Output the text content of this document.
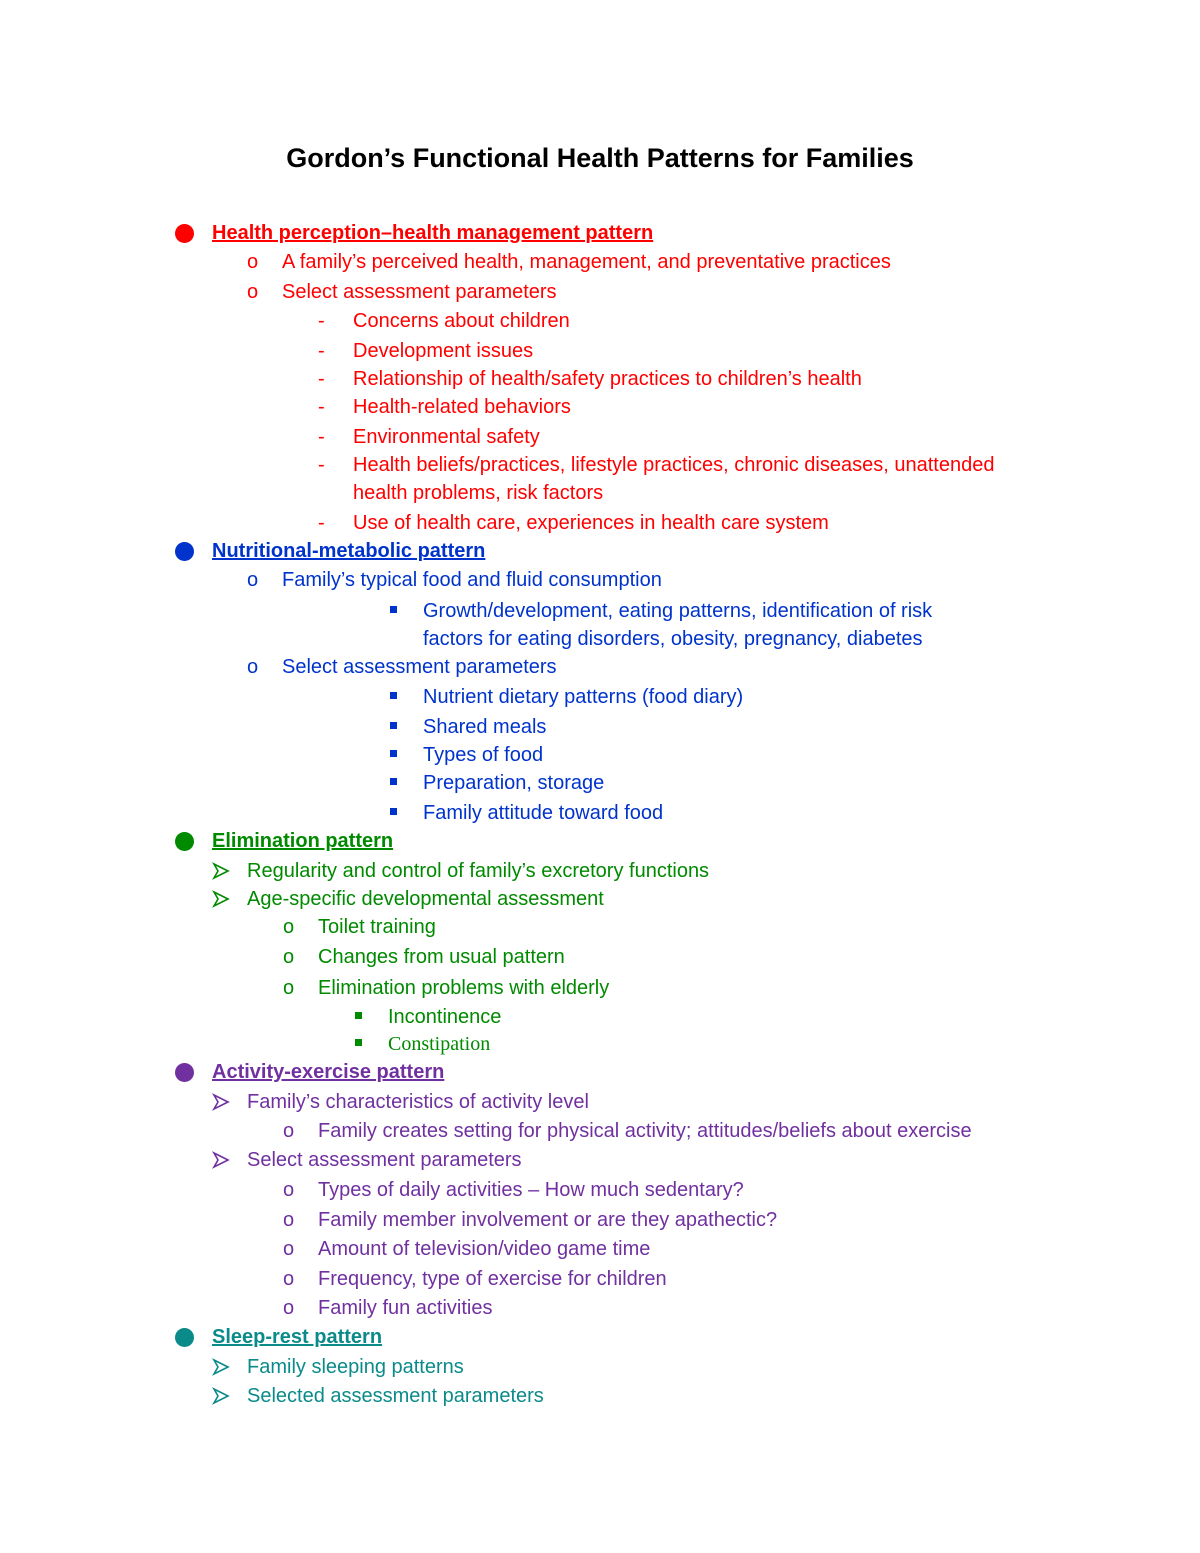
Gordon’s Functional Health Patterns for Families
Health perception–health management pattern
o A family’s perceived health, management, and preventative practices
o Select assessment parameters
- Concerns about children
- Development issues
- Relationship of health/safety practices to children’s health
- Health-related behaviors
- Environmental safety
- Health beliefs/practices, lifestyle practices, chronic diseases, unattended
health problems, risk factors
- Use of health care, experiences in health care system
Nutritional-metabolic pattern
o Family’s typical food and fluid consumption
Growth/development, eating patterns, identification of risk
factors for eating disorders, obesity, pregnancy, diabetes
o Select assessment parameters
Nutrient dietary patterns (food diary)
Shared meals
Types of food
Preparation, storage
Family attitude toward food
Elimination pattern
Regularity and control of family’s excretory functions
Age-specific developmental assessment
o Toilet training
o Changes from usual pattern
o Elimination problems with elderly
Incontinence
Constipation
Activity-exercise pattern
Family’s characteristics of activity level
o Family creates setting for physical activity; attitudes/beliefs about exercise
Select assessment parameters
o Types of daily activities – How much sedentary?
o Family member involvement or are they apathectic?
o Amount of television/video game time
o Frequency, type of exercise for children
o Family fun activities
Sleep-rest pattern
Family sleeping patterns
Selected assessment parameters
